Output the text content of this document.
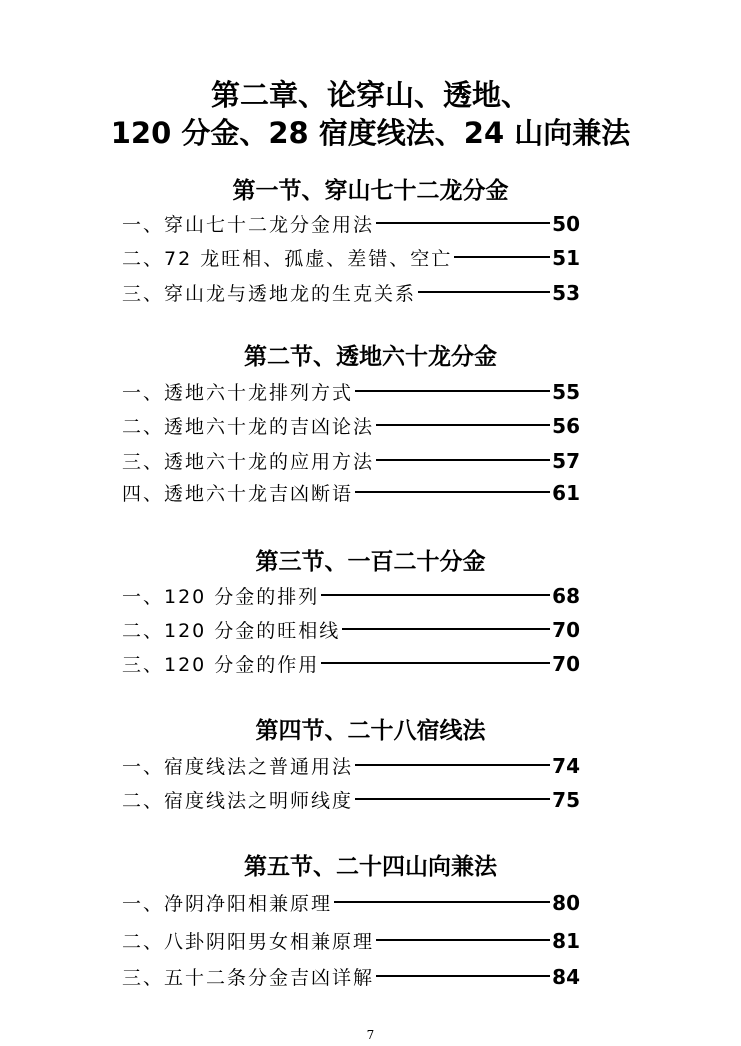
第二章、论穿山、透地、
120 分金、28 宿度线法、24 山向兼法
第一节、穿山七十二龙分金
一、穿山七十二龙分金用法	50
二、72 龙旺相、孤虚、差错、空亡	51
三、穿山龙与透地龙的生克关系	53
第二节、透地六十龙分金
一、透地六十龙排列方式	55
二、透地六十龙的吉凶论法	56
三、透地六十龙的应用方法	57
四、透地六十龙吉凶断语	61
第三节、一百二十分金
一、120 分金的排列	68
二、120 分金的旺相线	70
三、120 分金的作用	70
第四节、二十八宿线法
一、宿度线法之普通用法	74
二、宿度线法之明师线度	75
第五节、二十四山向兼法
一、净阴净阳相兼原理	80
二、八卦阴阳男女相兼原理	81
三、五十二条分金吉凶详解	84
7
